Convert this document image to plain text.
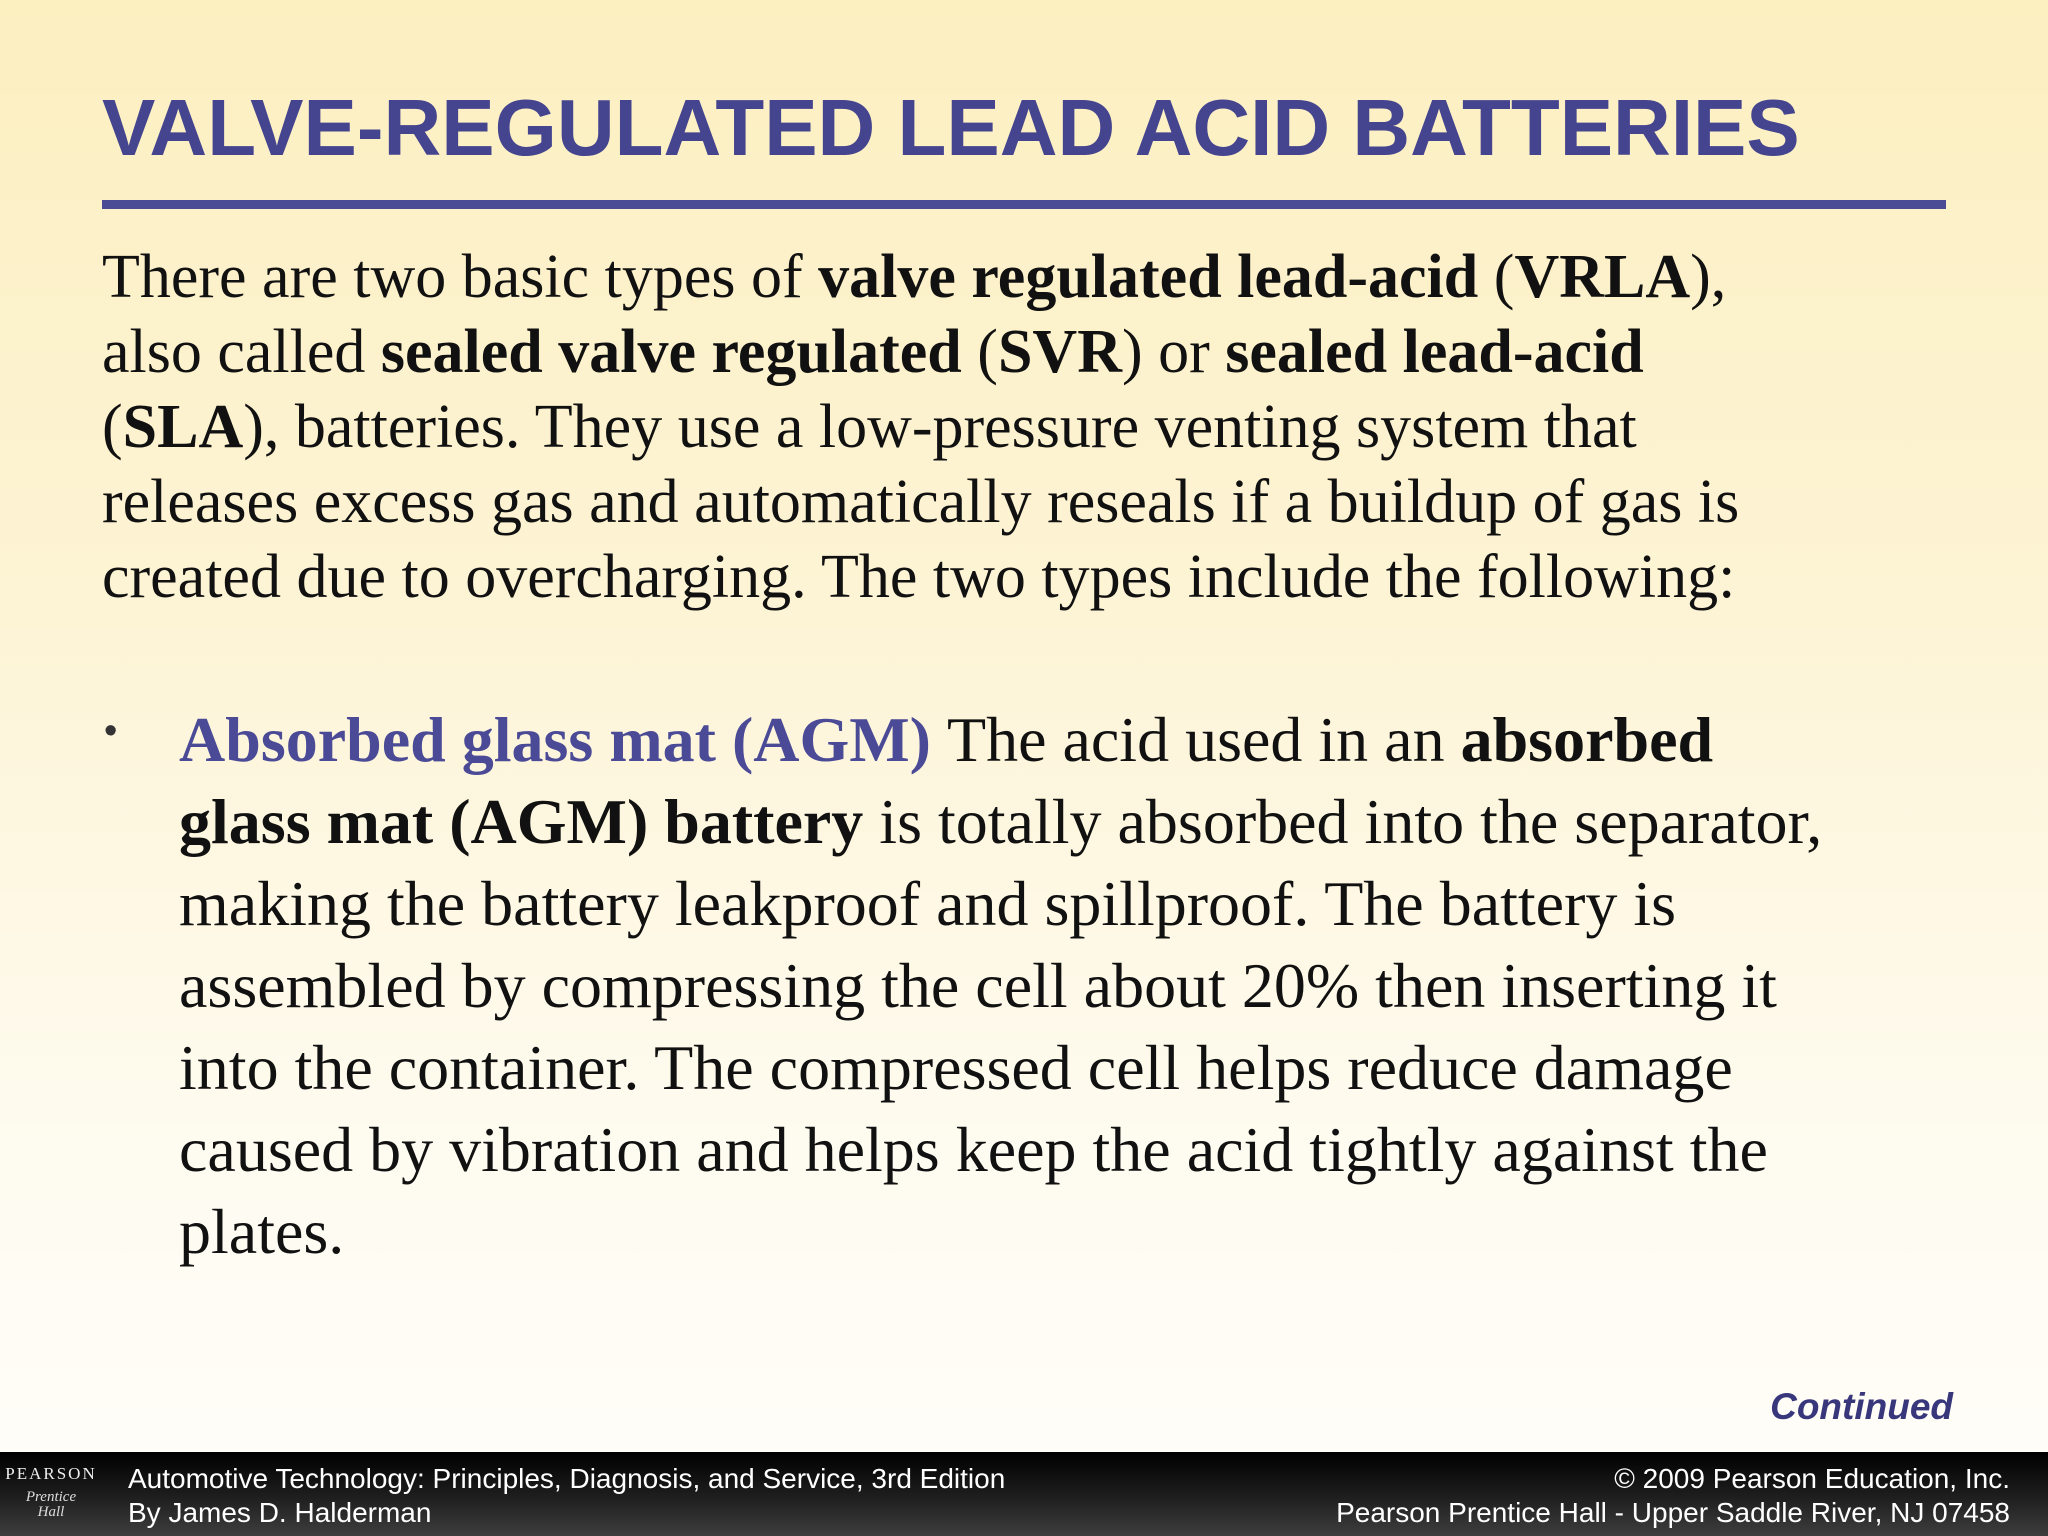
VALVE-REGULATED LEAD ACID BATTERIES

There are two basic types of valve regulated lead-acid (VRLA),
also called sealed valve regulated (SVR) or sealed lead-acid
(SLA), batteries. They use a low-pressure venting system that
releases excess gas and automatically reseals if a buildup of gas is
created due to overcharging. The two types include the following:

• Absorbed glass mat (AGM) The acid used in an absorbed
glass mat (AGM) battery is totally absorbed into the separator,
making the battery leakproof and spillproof. The battery is
assembled by compressing the cell about 20% then inserting it
into the container. The compressed cell helps reduce damage
caused by vibration and helps keep the acid tightly against the
plates.

Continued
PEARSON
Prentice
Hall
Automotive Technology: Principles, Diagnosis, and Service, 3rd Edition
By James D. Halderman
© 2009 Pearson Education, Inc.
Pearson Prentice Hall - Upper Saddle River, NJ 07458
